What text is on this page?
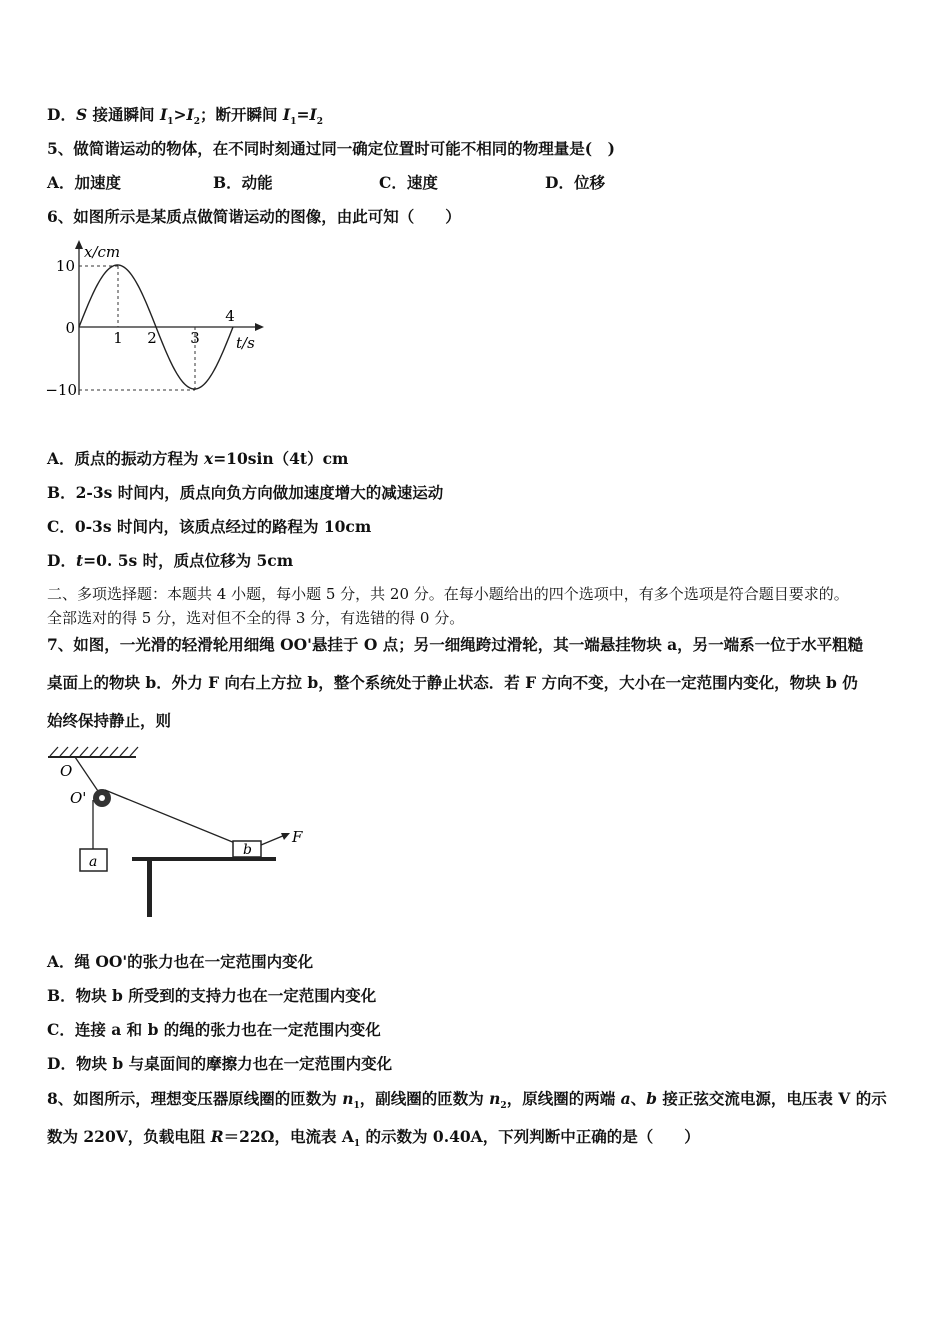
D．S 接通瞬间 $I_1>I_2$；断开瞬间 $I_1=I_2$
5、做简谐运动的物体，在不同时刻通过同一确定位置时可能不相同的物理量是(　)
A．加速度	B．动能	C．速度	D．位移
6、如图所示是某质点做简谐运动的图像，由此可知（　　）
x/cm
10
0
−10
1 2 3
4
t/s
A．质点的振动方程为 x=10sin（4t）cm
B．2-3s 时间内，质点向负方向做加速度增大的减速运动
C．0-3s 时间内，该质点经过的路程为 10cm
D．t=0. 5s 时，质点位移为 5cm
二、多项选择题：本题共 4 小题，每小题 5 分，共 20 分。在每小题给出的四个选项中，有多个选项是符合题目要求的。
全部选对的得 5 分，选对但不全的得 3 分，有选错的得 0 分。
7、如图，一光滑的轻滑轮用细绳 OO'悬挂于 O 点；另一细绳跨过滑轮，其一端悬挂物块 a，另一端系一位于水平粗糙
桌面上的物块 b．外力 F 向右上方拉 b，整个系统处于静止状态．若 F 方向不变，大小在一定范围内变化，物块 b 仍
始终保持静止，则
O
O'
a
b
F
A．绳 OO'的张力也在一定范围内变化
B．物块 b 所受到的支持力也在一定范围内变化
C．连接 a 和 b 的绳的张力也在一定范围内变化
D．物块 b 与桌面间的摩擦力也在一定范围内变化
8、如图所示，理想变压器原线圈的匝数为 $n_1$，副线圈的匝数为 $n_2$，原线圈的两端 a、b 接正弦交流电源，电压表 V 的示
数为 220V，负载电阻 R＝22Ω，电流表 $A_1$ 的示数为 0.40A，下列判断中正确的是（　　）
